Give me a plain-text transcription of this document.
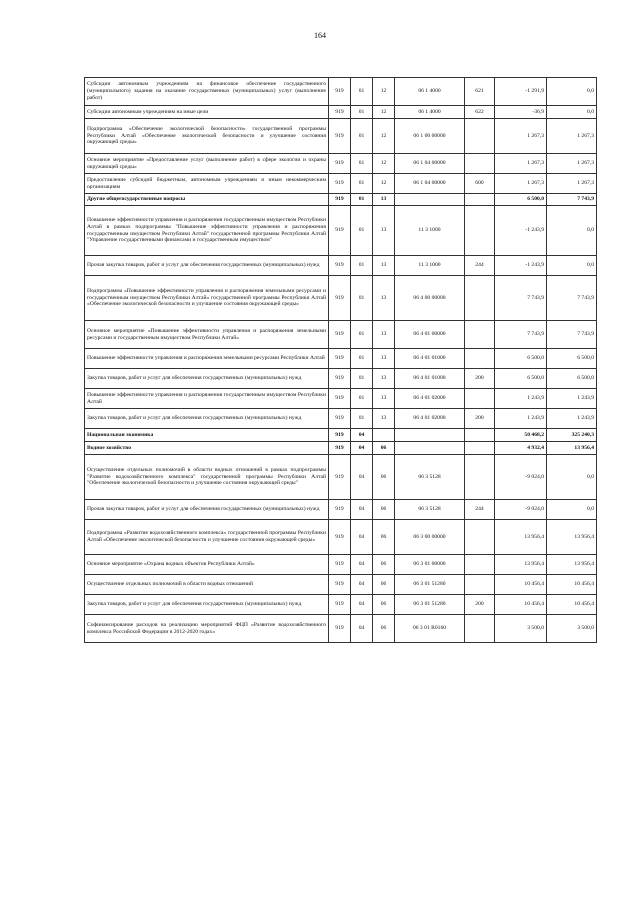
164
Субсидии автономным учреждениям на финансовое обеспечение государственного (муниципального) задания на оказание государственных (муниципальных) услуг (выполнение работ)	919	01	12	06 1 4000	621	-1 291,9	0,0
Субсидии автономным учреждениям на иные цели	919	01	12	06 1 4000	622	-36,9	0,0
Подпрограмма «Обеспечение экологической безопасности» государственной программы Республики Алтай «Обеспечение экологической безопасности и улучшение состояния окружающей среды»	919	01	12	06 1 00 00000		1 267,3	1 267,3
Основное мероприятие «Предоставление услуг (выполнение работ) в сфере экологии и охраны окружающей среды»	919	01	12	06 1 04 00000		1 267,3	1 267,3
Предоставление субсидий бюджетным, автономным учреждениям и иным некоммерческим организациям	919	01	12	06 1 04 00000	600	1 267,3	1 267,3
Другие общегосударственные вопросы	919	01	13			6 500,0	7 743,9
Повышение эффективности управления и распоряжения государственным имуществом Республики Алтай в рамках подпрограммы "Повышение эффективности управления и распоряжения государственным имуществом Республики Алтай" государственной программы Республики Алтай "Управление государственными финансами и государственным имуществом"	919	01	13	11 3 1000		-1 243,9	0,0
Прочая закупка товаров, работ и услуг для обеспечения государственных (муниципальных) нужд	919	01	13	11 3 1000	244	-1 243,9	0,0
Подпрограмма «Повышение эффективности управления и распоряжения земельными ресурсами и государственным имуществом Республики Алтай» государственной программы Республики Алтай «Обеспечение экологической безопасности и улучшение состояния окружающей среды»	919	01	13	06 4 00 00000		7 743,9	7 743,9
Основное мероприятие «Повышение эффективности управления и распоряжения земельными ресурсами и государственным имуществом Республики Алтай»	919	01	13	06 4 01 00000		7 743,9	7 743,9
Повышение эффективности управления и распоряжения земельными ресурсами Республики Алтай	919	01	13	06 4 01 01000		6 500,0	6 500,0
Закупка товаров, работ и услуг для обеспечения государственных (муниципальных) нужд	919	01	13	06 4 01 01000	200	6 500,0	6 500,0
Повышение эффективности управления и распоряжения государственным имуществом Республики Алтай	919	01	13	06 4 01 02000		1 243,9	1 243,9
Закупка товаров, работ и услуг для обеспечения государственных (муниципальных) нужд	919	01	13	06 4 01 02000	200	1 243,9	1 243,9
Национальная экономика	919	04				50 468,2	325 240,3
Водное хозяйство	919	04	06			4 932,4	13 956,4
Осуществление отдельных полномочий в области водных отношений в рамках подпрограммы "Развитие водохозяйственного комплекса" государственной программы Республики Алтай "Обеспечение экологической безопасности и улучшение состояния окружающей среды"	919	04	06	06 3 5128		-9 024,0	0,0
Прочая закупка товаров, работ и услуг для обеспечения государственных (муниципальных) нужд	919	04	06	06 3 5128	244	-9 024,0	0,0
Подпрограмма «Развитие водохозяйственного комплекса» государственной программы Республики Алтай «Обеспечение экологической безопасности и улучшение состояния окружающей среды»	919	04	06	06 3 00 00000		13 956,4	13 956,4
Основное мероприятие «Охрана водных объектов Республики Алтай»	919	04	06	06 3 01 00000		13 956,4	13 956,4
Осуществление отдельных полномочий в области водных отношений	919	04	06	06 3 01 51280		10 456,4	10 456,4
Закупка товаров, работ и услуг для обеспечения государственных (муниципальных) нужд	919	04	06	06 3 01 51280	200	10 456,4	10 456,4
Софинансирование расходов на реализацию мероприятий ФЦП «Развитие водохозяйственного комплекса Российской Федерации в 2012-2020 годах»	919	04	06	06 3 01 R0160		3 500,0	3 500,0
